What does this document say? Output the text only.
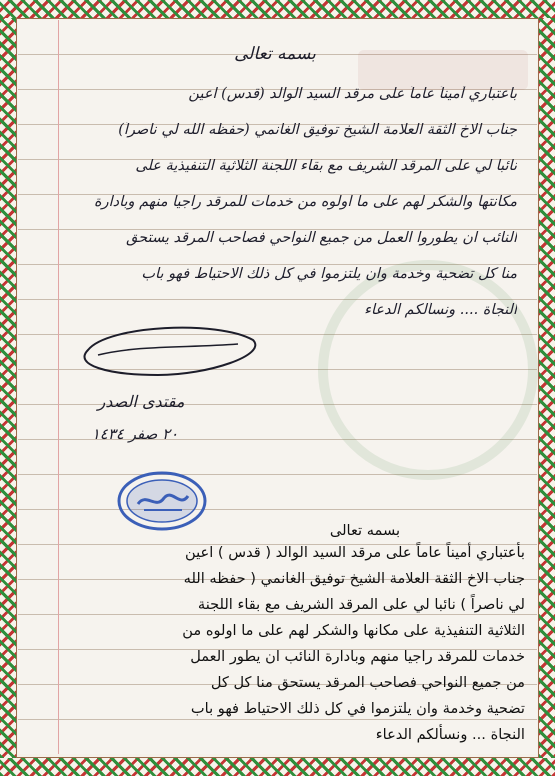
بسمه تعالى
باعتباري أميناً عاماً على مرقد السيد الوالد (قدس) اعين
جناب الاخ الثقة العلامة الشيخ توفيق الغانمي (حفظه الله لي ناصراً)
نائبا لي على المرقد الشريف مع بقاء اللجنة الثلاثية التنفيذية على
مكانتها والشكر لهم على ما اولوه من خدمات للمرقد راجيا منهم وبادارة
النائب ان يطوروا العمل من جميع النواحي فصاحب المرقد يستحق
منا كل تضحية وخدمة وان يلتزموا في كل ذلك الاحتياط فهو باب
النجاة .... ونسألكم الدعاء
مقتدى الصدر
٢٠ صفر ١٤٣٤
بسمه تعالى
بأعتباري أميناً عاماً على مرقد السيد الوالد ( قدس ) اعين
جناب الاخ الثقة العلامة الشيخ توفيق الغانمي ( حفظه الله
لي ناصراً ) نائبا لي على المرقد الشريف مع بقاء اللجنة
الثلاثية التنفيذية على مكانها والشكر لهم على ما اولوه من
خدمات للمرقد راجيا منهم وبادارة النائب ان يطور العمل
من جميع النواحي فصاحب المرقد يستحق منا كل كل
تضحية وخدمة وان يلتزموا في كل ذلك الاحتياط فهو باب
النجاة ... ونسألكم الدعاء
